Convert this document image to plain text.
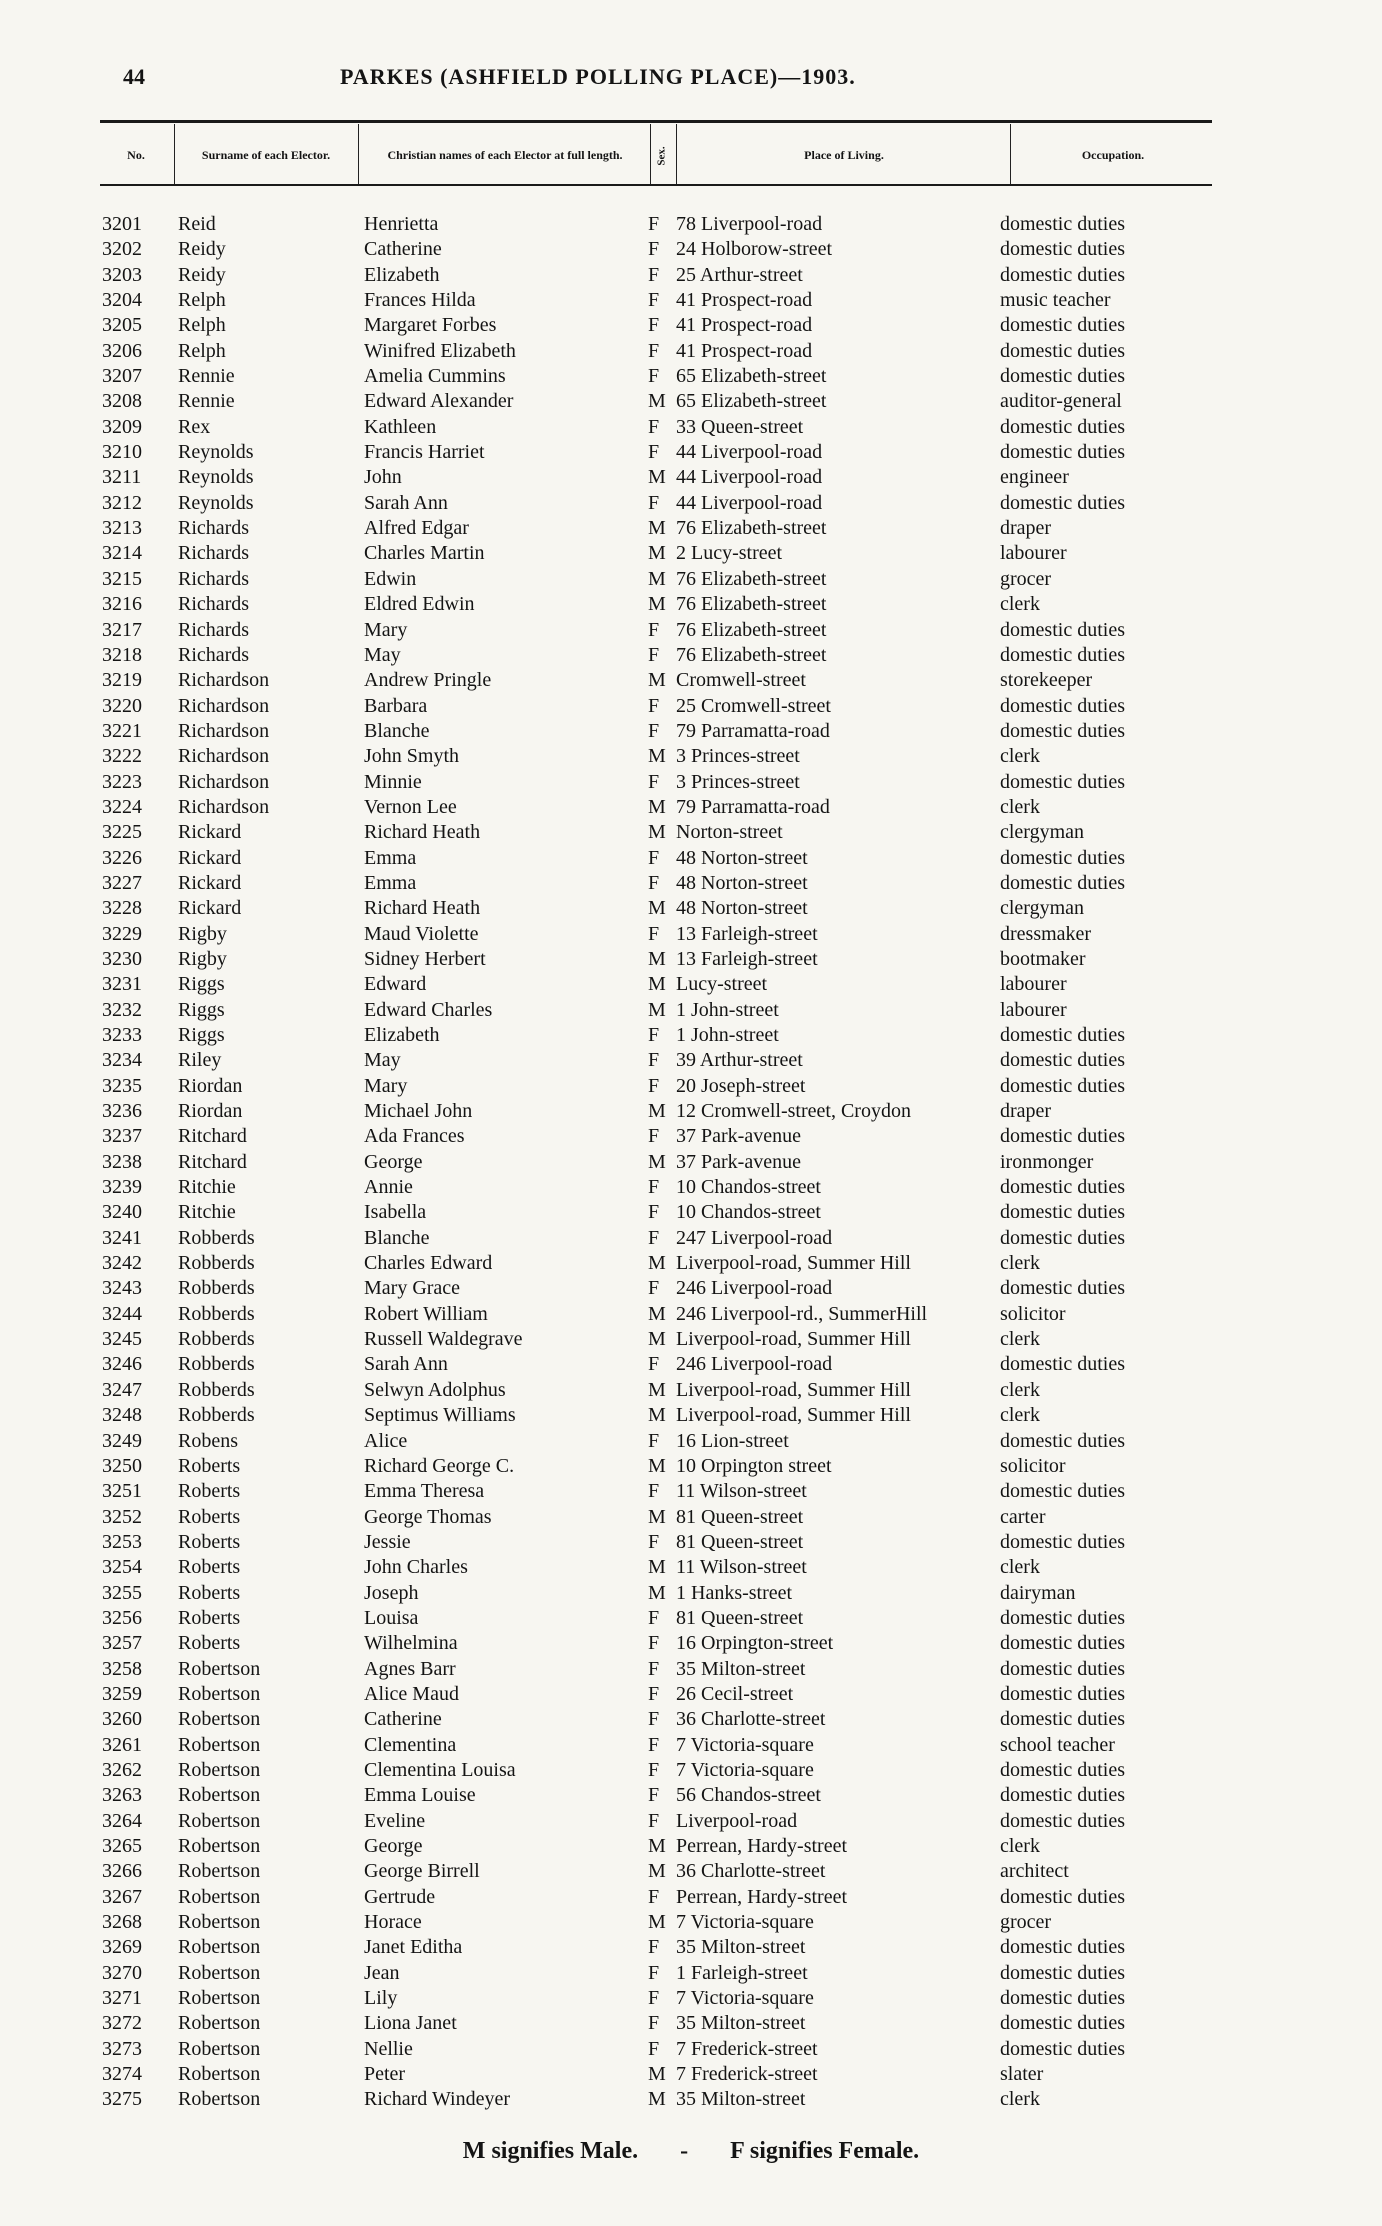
44	PARKES (ASHFIELD POLLING PLACE)—1903.
No.	Surname of each Elector.	Christian names of each Elector at full length.	Sex.	Place of Living.	Occupation.
3201	Reid	Henrietta	F 78 Liverpool-road	domestic duties
3202	Reidy	Catherine	F 24 Holborow-street	domestic duties
3203	Reidy	Elizabeth	F 25 Arthur-street	domestic duties
3204	Relph	Frances Hilda	F 41 Prospect-road	music teacher
3205	Relph	Margaret Forbes	F 41 Prospect-road	domestic duties
3206	Relph	Winifred Elizabeth	F 41 Prospect-road	domestic duties
3207	Rennie	Amelia Cummins	F 65 Elizabeth-street	domestic duties
3208	Rennie	Edward Alexander	M 65 Elizabeth-street	auditor-general
3209	Rex	Kathleen	F 33 Queen-street	domestic duties
3210	Reynolds	Francis Harriet	F 44 Liverpool-road	domestic duties
3211	Reynolds	John	M 44 Liverpool-road	engineer
3212	Reynolds	Sarah Ann	F 44 Liverpool-road	domestic duties
3213	Richards	Alfred Edgar	M 76 Elizabeth-street	draper
3214	Richards	Charles Martin	M 2 Lucy-street	labourer
3215	Richards	Edwin	M 76 Elizabeth-street	grocer
3216	Richards	Eldred Edwin	M 76 Elizabeth-street	clerk
3217	Richards	Mary	F 76 Elizabeth-street	domestic duties
3218	Richards	May	F 76 Elizabeth-street	domestic duties
3219	Richardson	Andrew Pringle	M Cromwell-street	storekeeper
3220	Richardson	Barbara	F 25 Cromwell-street	domestic duties
3221	Richardson	Blanche	F 79 Parramatta-road	domestic duties
3222	Richardson	John Smyth	M 3 Princes-street	clerk
3223	Richardson	Minnie	F 3 Princes-street	domestic duties
3224	Richardson	Vernon Lee	M 79 Parramatta-road	clerk
3225	Rickard	Richard Heath	M Norton-street	clergyman
3226	Rickard	Emma	F 48 Norton-street	domestic duties
3227	Rickard	Emma	F 48 Norton-street	domestic duties
3228	Rickard	Richard Heath	M 48 Norton-street	clergyman
3229	Rigby	Maud Violette	F 13 Farleigh-street	dressmaker
3230	Rigby	Sidney Herbert	M 13 Farleigh-street	bootmaker
3231	Riggs	Edward	M Lucy-street	labourer
3232	Riggs	Edward Charles	M 1 John-street	labourer
3233	Riggs	Elizabeth	F 1 John-street	domestic duties
3234	Riley	May	F 39 Arthur-street	domestic duties
3235	Riordan	Mary	F 20 Joseph-street	domestic duties
3236	Riordan	Michael John	M 12 Cromwell-street, Croydon	draper
3237	Ritchard	Ada Frances	F 37 Park-avenue	domestic duties
3238	Ritchard	George	M 37 Park-avenue	ironmonger
3239	Ritchie	Annie	F 10 Chandos-street	domestic duties
3240	Ritchie	Isabella	F 10 Chandos-street	domestic duties
3241	Robberds	Blanche	F 247 Liverpool-road	domestic duties
3242	Robberds	Charles Edward	M Liverpool-road, Summer Hill	clerk
3243	Robberds	Mary Grace	F 246 Liverpool-road	domestic duties
3244	Robberds	Robert William	M 246 Liverpool-rd., SummerHill	solicitor
3245	Robberds	Russell Waldegrave	M Liverpool-road, Summer Hill	clerk
3246	Robberds	Sarah Ann	F 246 Liverpool-road	domestic duties
3247	Robberds	Selwyn Adolphus	M Liverpool-road, Summer Hill	clerk
3248	Robberds	Septimus Williams	M Liverpool-road, Summer Hill	clerk
3249	Robens	Alice	F 16 Lion-street	domestic duties
3250	Roberts	Richard George C.	M 10 Orpington street	solicitor
3251	Roberts	Emma Theresa	F 11 Wilson-street	domestic duties
3252	Roberts	George Thomas	M 81 Queen-street	carter
3253	Roberts	Jessie	F 81 Queen-street	domestic duties
3254	Roberts	John Charles	M 11 Wilson-street	clerk
3255	Roberts	Joseph	M 1 Hanks-street	dairyman
3256	Roberts	Louisa	F 81 Queen-street	domestic duties
3257	Roberts	Wilhelmina	F 16 Orpington-street	domestic duties
3258	Robertson	Agnes Barr	F 35 Milton-street	domestic duties
3259	Robertson	Alice Maud	F 26 Cecil-street	domestic duties
3260	Robertson	Catherine	F 36 Charlotte-street	domestic duties
3261	Robertson	Clementina	F 7 Victoria-square	school teacher
3262	Robertson	Clementina Louisa	F 7 Victoria-square	domestic duties
3263	Robertson	Emma Louise	F 56 Chandos-street	domestic duties
3264	Robertson	Eveline	F Liverpool-road	domestic duties
3265	Robertson	George	M Perrean, Hardy-street	clerk
3266	Robertson	George Birrell	M 36 Charlotte-street	architect
3267	Robertson	Gertrude	F Perrean, Hardy-street	domestic duties
3268	Robertson	Horace	M 7 Victoria-square	grocer
3269	Robertson	Janet Editha	F 35 Milton-street	domestic duties
3270	Robertson	Jean	F 1 Farleigh-street	domestic duties
3271	Robertson	Lily	F 7 Victoria-square	domestic duties
3272	Robertson	Liona Janet	F 35 Milton-street	domestic duties
3273	Robertson	Nellie	F 7 Frederick-street	domestic duties
3274	Robertson	Peter	M 7 Frederick-street	slater
3275	Robertson	Richard Windeyer	M 35 Milton-street	clerk
M signifies Male. - F signifies Female.
